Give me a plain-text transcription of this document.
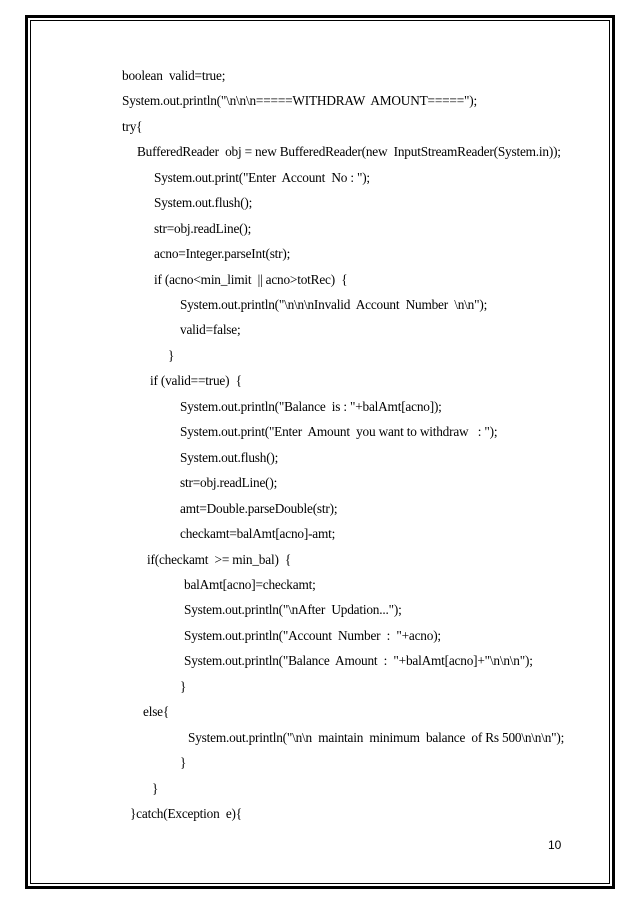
boolean  valid=true;
System.out.println("\n\n\n=====WITHDRAW  AMOUNT=====");
try{
BufferedReader  obj = new BufferedReader(new  InputStreamReader(System.in));
System.out.print("Enter  Account  No : ");
System.out.flush();
str=obj.readLine();
acno=Integer.parseInt(str);
if (acno<min_limit  || acno>totRec)  {
System.out.println("\n\n\nInvalid  Account  Number  \n\n");
valid=false;
}
if (valid==true)  {
System.out.println("Balance  is : "+balAmt[acno]);
System.out.print("Enter  Amount  you want to withdraw   : ");
System.out.flush();
str=obj.readLine();
amt=Double.parseDouble(str);
checkamt=balAmt[acno]-amt;
if(checkamt  >= min_bal)  {
balAmt[acno]=checkamt;
System.out.println("\nAfter  Updation...");
System.out.println("Account  Number  :  "+acno);
System.out.println("Balance  Amount  :  "+balAmt[acno]+"\n\n\n");
}
else{
System.out.println("\n\n  maintain  minimum  balance  of Rs 500\n\n\n");
}
}
}catch(Exception  e){
10
